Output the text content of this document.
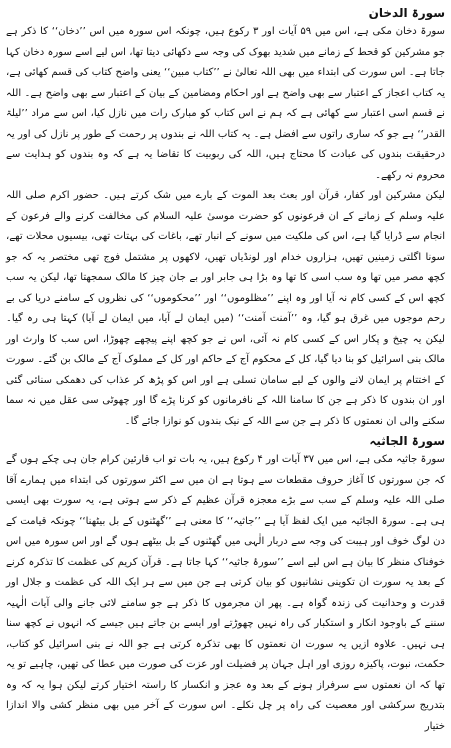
سورۃ الدخان

سورۃ دخان مکی ہے، اس میں ۵۹ آیات اور ۳ رکوع ہیں، چونکہ اس سورہ میں اس ’’دخان‘‘ کا ذکر ہے جو مشرکین کو قحط کے زمانے میں شدید بھوک کی وجہ سے دکھائی دیتا تھا، اس لیے اسے سورہ دخان کہا جاتا ہے۔ اس سورت کی ابتداء میں بھی اللہ تعالیٰ نے ’’کتاب مبین‘‘ یعنی واضح کتاب کی قسم کھائی ہے، یہ کتاب اعجاز کے اعتبار سے بھی واضح ہے اور احکام ومضامین کے بیان کے اعتبار سے بھی واضح ہے۔ اللہ نے قسم اسی اعتبار سے کھائی ہے کہ ہم نے اس کتاب کو مبارک رات میں نازل کیا، اس سے مراد ’’لیلۃ القدر‘‘ ہے جو کہ ساری راتوں سے افضل ہے۔ یہ کتاب اللہ نے بندوں پر رحمت کے طور پر نازل کی اور یہ درحقیقت بندوں کی عبادت کا محتاج ہیں، اللہ کی ربوبیت کا تقاضا یہ ہے کہ وہ بندوں کو ہدایت سے محروم نہ رکھے۔

لیکن مشرکین اور کفار، قرآن اور بعث بعد الموت کے بارے میں شک کرتے ہیں۔ حضور اکرم صلی اللہ علیہ وسلم کے زمانے کے ان فرعونوں کو حضرت موسیٰ علیہ السلام کی مخالفت کرنے والے فرعون کے انجام سے ڈرایا گیا ہے، اس کی ملکیت میں سونے کے انبار تھے، باغات کی بہتات تھی، بیسیوں محلات تھے، سونا اگلتی زمینیں تھیں، ہزاروں خدام اور لونڈیاں تھیں، لاکھوں پر مشتمل فوج تھی مختصر یہ کہ جو کچھ مصر میں تھا وہ سب اسی کا تھا وہ بڑا ہی جابر اور بے جان چیز کا مالک سمجھتا تھا، لیکن یہ سب کچھ اس کے کسی کام نہ آیا اور وہ اپنے ’’مظلوموں‘‘ اور ’’محکوموں‘‘ کی نظروں کے سامنے دریا کی بے رحم موجوں میں غرق ہو گیا، وہ ’’آمنت آمنت‘‘ (میں ایمان لے آیا، میں ایمان لے آیا) کہتا ہی رہ گیا۔ لیکن یہ چیخ و پکار اس کے کسی کام نہ آئی، اس نے جو کچھ اپنے پیچھے چھوڑا، اس سب کا وارث اور مالک بنی اسرائیل کو بنا دیا گیا، کل کے محکوم آج کے حاکم اور کل کے مملوک آج کے مالک بن گئے۔ سورت کے اختتام پر ایمان لانے والوں کے لیے سامان تسلی ہے اور اس کو پڑھ کر عذاب کی دھمکی سنائی گئی اور ان بندوں کا ذکر ہے جن کا سامنا اللہ کے نافرمانوں کو کرنا پڑے گا اور چھوٹی سی عقل میں نہ سما سکنے والی ان نعمتوں کا ذکر ہے جن سے اللہ کے نیک بندوں کو نوازا جائے گا۔

سورۃ الجاثیہ

سورۃ جاثیہ مکی ہے، اس میں ۳۷ آیات اور ۴ رکوع ہیں، یہ بات تو اب قارئین کرام جان ہی چکے ہوں گے کہ جن سورتوں کا آغاز حروف مقطعات سے ہوتا ہے ان میں سے اکثر سورتوں کی ابتداء میں ہمارے آقا صلی اللہ علیہ وسلم کے سب سے بڑے معجزہ قرآن عظیم کے ذکر سے ہوتی ہے، یہ سورت بھی ایسی ہی ہے۔ سورۃ الجاثیہ میں ایک لفظ آیا ہے ’’جاثیہ‘‘ کا معنی ہے ’’گھٹنوں کے بل بیٹھنا‘‘ چونکہ قیامت کے دن لوگ خوف اور ہیبت کی وجہ سے دربار الٰہی میں گھٹنوں کے بل بیٹھے ہوں گے اور اس سورہ میں اس خوفناک منظر کا بیان ہے اس لیے اسے ’’سورۂ جاثیہ‘‘ کہا جاتا ہے۔ قرآن کریم کی عظمت کا تذکرہ کرنے کے بعد یہ سورت ان تکوینی نشانیوں کو بیان کرتی ہے جن میں سے ہر ایک اللہ کی عظمت و جلال اور قدرت و وحدانیت کی زندہ گواہ ہے۔ پھر ان مجرموں کا ذکر ہے جو سامنے لائی جانے والی آیات الٰہیہ سننے کے باوجود انکار و استکبار کی راہ نہیں چھوڑتے اور ایسے بن جاتے ہیں جیسے کہ انہوں نے کچھ سنا ہی نہیں۔ علاوہ ازیں یہ سورت ان نعمتوں کا بھی تذکرہ کرتی ہے جو اللہ نے بنی اسرائیل کو کتاب، حکمت، نبوت، پاکیزہ روزی اور اہل جہان پر فضیلت اور عزت کی صورت میں عطا کی تھیں، چاہیے تو یہ تھا کہ ان نعمتوں سے سرفراز ہونے کے بعد وہ عجز و انکسار کا راستہ اختیار کرتے لیکن ہوا یہ کہ وہ بتدریج سرکشی اور معصیت کی راہ پر چل نکلے۔ اس سورت کے آخر میں بھی منظر کشی والا اندازا ختیار
